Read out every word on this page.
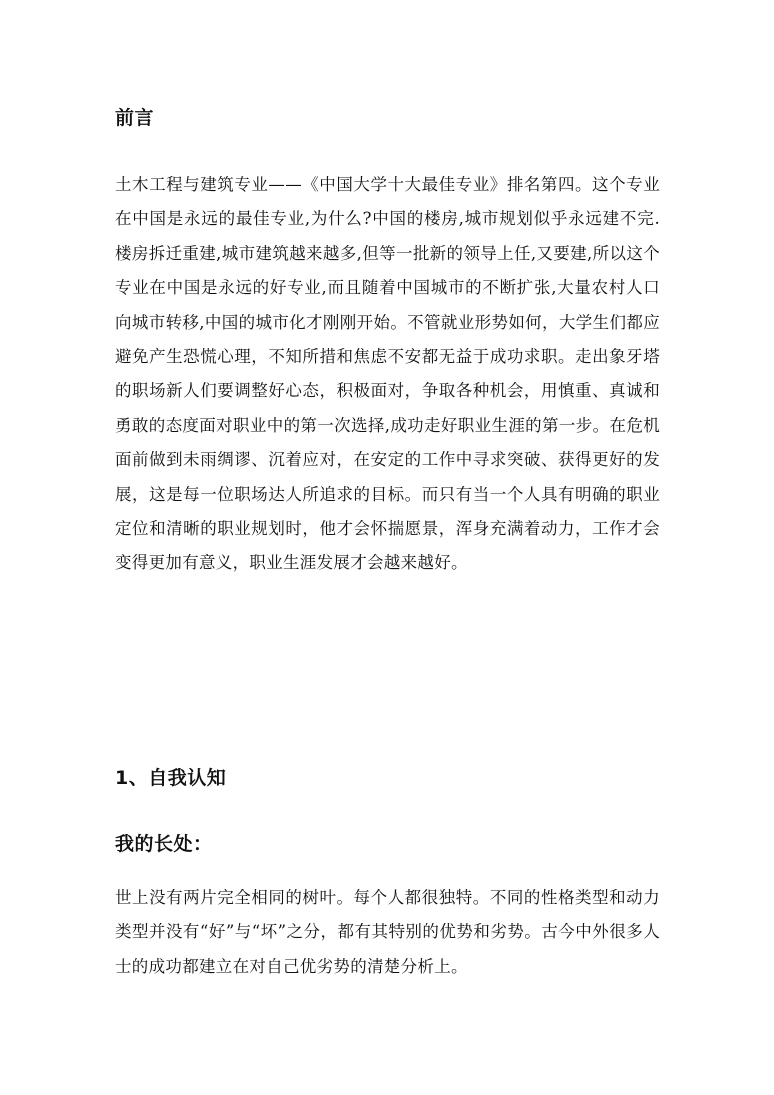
前言

土木工程与建筑专业——《中国大学十大最佳专业》排名第四。这个专业在中国是永远的最佳专业,为什么?中国的楼房,城市规划似乎永远建不完.楼房拆迁重建,城市建筑越来越多,但等一批新的领导上任,又要建,所以这个专业在中国是永远的好专业,而且随着中国城市的不断扩张,大量农村人口向城市转移,中国的城市化才刚刚开始。不管就业形势如何，大学生们都应避免产生恐慌心理，不知所措和焦虑不安都无益于成功求职。走出象牙塔的职场新人们要调整好心态，积极面对，争取各种机会，用慎重、真诚和勇敢的态度面对职业中的第一次选择,成功走好职业生涯的第一步。在危机面前做到未雨绸谬、沉着应对，在安定的工作中寻求突破、获得更好的发展，这是每一位职场达人所追求的目标。而只有当一个人具有明确的职业定位和清晰的职业规划时，他才会怀揣愿景，浑身充满着动力，工作才会变得更加有意义，职业生涯发展才会越来越好。

1、自我认知
我的长处：

世上没有两片完全相同的树叶。每个人都很独特。不同的性格类型和动力类型并没有“好”与“坏”之分，都有其特别的优势和劣势。古今中外很多人士的成功都建立在对自己优劣势的清楚分析上。
